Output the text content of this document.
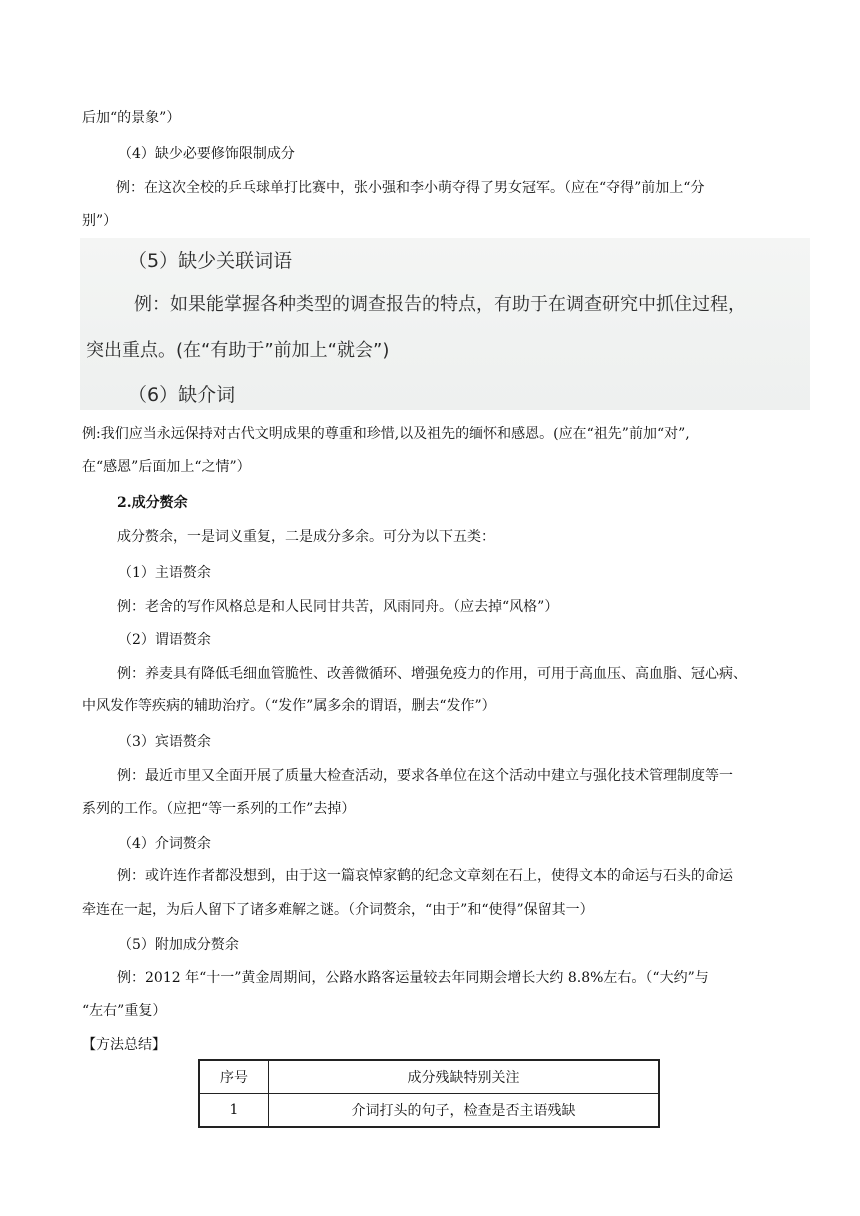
后加“的景象”）
（4）缺少必要修饰限制成分
例：在这次全校的乒乓球单打比赛中，张小强和李小萌夺得了男女冠军。（应在“夺得”前加上“分
别”）
（5）缺少关联词语
例：如果能掌握各种类型的调查报告的特点，有助于在调查研究中抓住过程，
突出重点。(在“有助于”前加上“就会”)
（6）缺介词
例:我们应当永远保持对古代文明成果的尊重和珍惜,以及祖先的缅怀和感恩。(应在“祖先”前加“对”,
在“感恩”后面加上“之情”）
2.成分赘余
成分赘余，一是词义重复，二是成分多余。可分为以下五类：
（1）主语赘余
例：老舍的写作风格总是和人民同甘共苦，风雨同舟。（应去掉“风格”）
（2）谓语赘余
例：养麦具有降低毛细血管脆性、改善微循环、增强免疫力的作用，可用于高血压、高血脂、冠心病、
中风发作等疾病的辅助治疗。（“发作”属多余的谓语，删去“发作”）
（3）宾语赘余
例：最近市里又全面开展了质量大检查活动，要求各单位在这个活动中建立与强化技术管理制度等一
系列的工作。（应把“等一系列的工作”去掉）
（4）介词赘余
例：或许连作者都没想到，由于这一篇哀悼家鹤的纪念文章刻在石上，使得文本的命运与石头的命运
牵连在一起，为后人留下了诸多难解之谜。（介词赘余，“由于”和“使得”保留其一）
（5）附加成分赘余
例：2012 年“十一”黄金周期间，公路水路客运量较去年同期会增长大约 8.8%左右。（“大约”与
“左右”重复）
【方法总结】
序号	成分残缺特别关注
1	介词打头的句子，检查是否主语残缺
